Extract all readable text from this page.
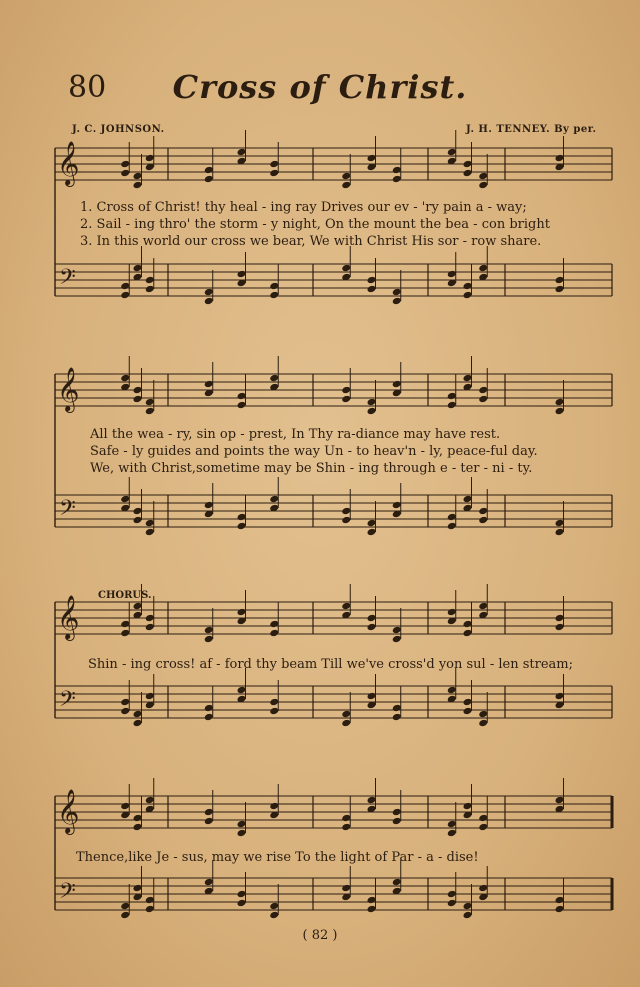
80	Cross of Christ.
J. C. JOHNSON.	J. H. TENNEY. By per.
𝄞
𝄢
𝄞
𝄢
𝄞
𝄢
𝄞
𝄢
1. Cross of Christ! thy heal - ing ray Drives our ev - 'ry pain a - way;
2. Sail - ing thro' the storm - y night, On the mount the bea - con bright
3. In this world our cross we bear, We with Christ His sor - row share.
All the wea - ry, sin op - prest, In Thy ra-diance may have rest.
Safe - ly guides and points the way Un - to heav'n - ly, peace-ful day.
We, with Christ,sometime may be Shin - ing through e - ter - ni - ty.
CHORUS.
Shin - ing cross! af - ford thy beam Till we've cross'd yon sul - len stream;
Thence,like Je - sus, may we rise To the light of Par - a - dise!
( 82 )
